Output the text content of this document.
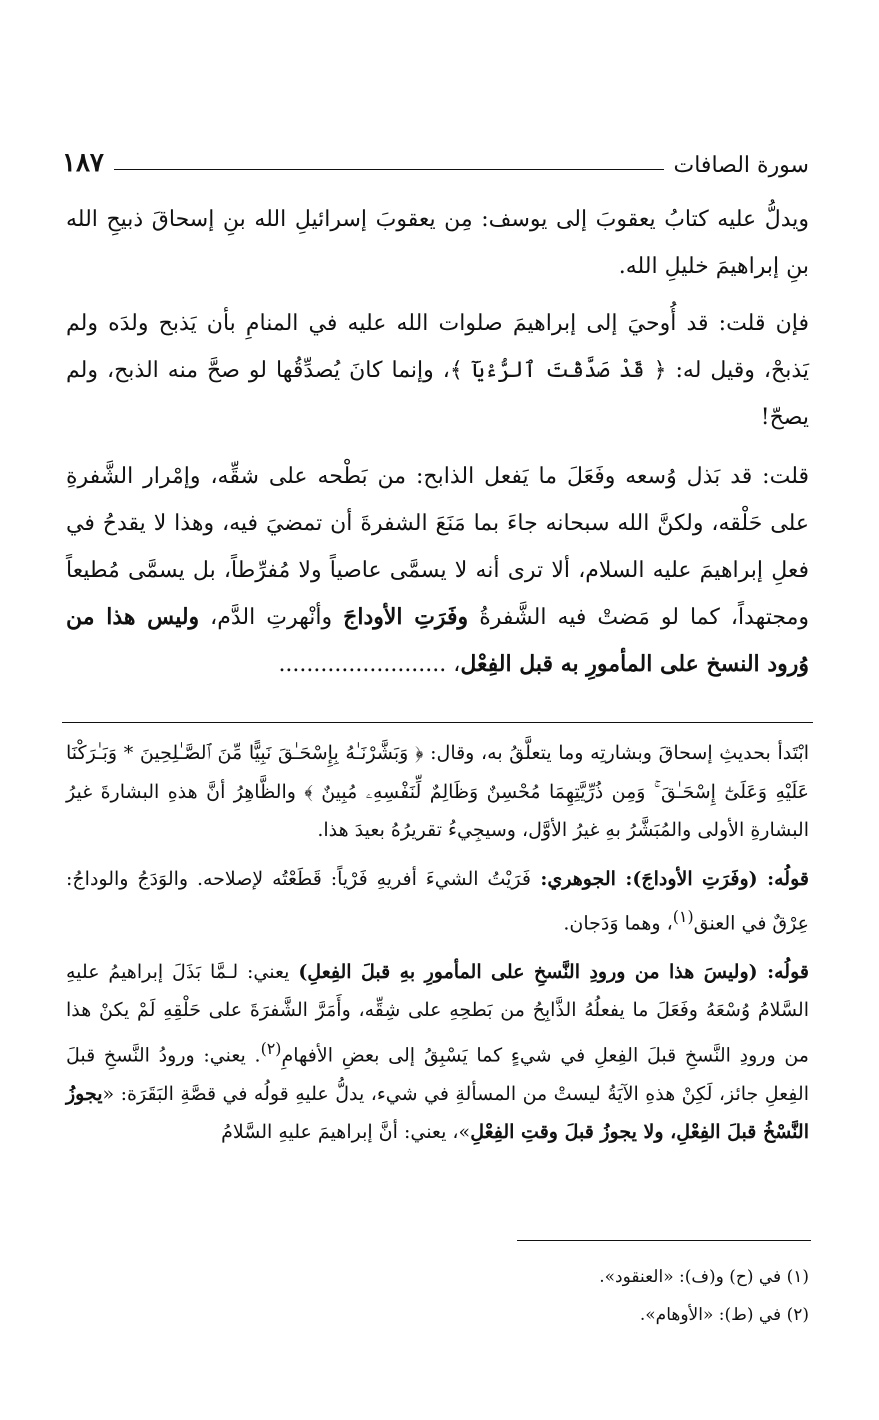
سورة الصافات
١٨٧

ويدلُّ عليه كتابُ يعقوبَ إلى يوسف: مِن يعقوبَ إسرائيلِ الله بنِ إسحاقَ ذبيحِ الله بنِ إبراهيمَ خليلِ الله.

فإن قلت: قد أُوحيَ إلى إبراهيمَ صلوات الله عليه في المنامِ بأن يَذبح ولدَه ولم يَذبحْ، وقيل له: ﴿ قَدْ صَدَّقْتَ ٱلرُّءْيَآ ﴾، وإنما كانَ يُصدِّقُها لو صحَّ منه الذبح، ولم يصحّ!

قلت: قد بَذل وُسعه وفَعَلَ ما يَفعل الذابح: من بَطْحه على شقِّه، وإمْرار الشَّفرةِ على حَلْقه، ولكنَّ الله سبحانه جاءَ بما مَنَعَ الشفرةَ أن تمضيَ فيه، وهذا لا يقدحُ في فعلِ إبراهيمَ عليه السلام، ألا ترى أنه لا يسمَّى عاصياً ولا مُفرِّطاً، بل يسمَّى مُطيعاً ومجتهداً، كما لو مَضتْ فيه الشَّفرةُ وفَرَتِ الأوداجَ وأنْهرتِ الدَّم، وليس هذا من وُرود النسخ على المأمورِ به قبل الفِعْل، ........................

ابْتَدأ بحديثِ إسحاقَ وبشارتِه وما يتعلَّقُ به، وقال: ﴿ وَبَشَّرْنَـٰهُ بِإِسْحَـٰقَ نَبِيًّا مِّنَ ٱلصَّـٰلِحِينَ * وَبَـٰرَكْنَا عَلَيْهِ وَعَلَىٰٓ إِسْحَـٰقَ ۚ وَمِن ذُرِّيَّتِهِمَا مُحْسِنٌ وَظَالِمٌ لِّنَفْسِهِۦ مُبِينٌ ﴾ والظَّاهِرُ أنَّ هذهِ البشارةَ غيرُ البشارةِ الأولى والمُبَشَّرُ بهِ غيرُ الأوَّل، وسيجِيءُ تقريرُهُ بعيدَ هذا.

قولُه: (وفَرَتِ الأوداجَ): الجوهري: فَرَيْتُ الشيءَ أفريهِ فَرْياً: قَطَعْتُه لإصلاحه. والوَدَجُ والوداجُ: عِرْقٌ في العنق$^{(١)}$، وهما وَدَجان.

قولُه: (وليسَ هذا من ورودِ النَّسخِ على المأمورِ بهِ قبلَ الفِعلِ) يعني: لـمَّا بَذَلَ إبراهيمُ عليهِ السَّلامُ وُسْعَهُ وفَعَلَ ما يفعلُهُ الذَّابِحُ من بَطحِهِ على شِقِّه، وأَمَرَّ الشَّفرَةَ على حَلْقِهِ لَمْ يكنْ هذا من ورودِ النَّسخِ قبلَ الفِعلِ في شيءٍ كما يَسْبِقُ إلى بعضِ الأفهامِ$^{(٢)}$. يعني: ورودُ النَّسخِ قبلَ الفِعلِ جائز، لَكِنْ هذهِ الآيَةُ ليستْ من المسألةِ في شيء، يدلُّ عليهِ قولُه في قصَّةِ البَقَرَة: «يجوزُ النَّسْخُ قبلَ الفِعْلِ، ولا يجوزُ قبلَ وقتِ الفِعْلِ»، يعني: أنَّ إبراهيمَ عليهِ السَّلامُ

(١) في (ح) و(ف): «العنقود».

(٢) في (ط): «الأوهام».
